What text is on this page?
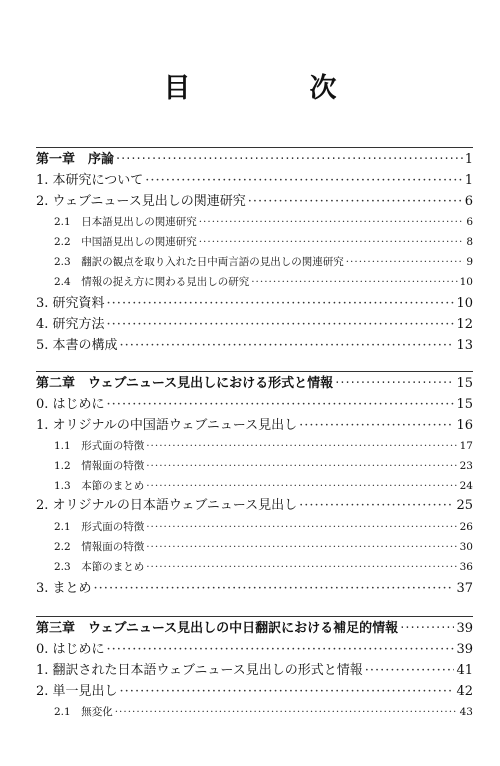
目　次
第一章　序論 ·····	1
1. 本研究について ·····	1
2. ウェブニュース見出しの関連研究 ·····	6
2.1　日本語見出しの関連研究 ·····	6
2.2　中国語見出しの関連研究 ·····	8
2.3　翻訳の観点を取り入れた日中両言語の見出しの関連研究 ·····	9
2.4　情報の捉え方に関わる見出しの研究 ·····	10
3. 研究資料 ·····	10
4. 研究方法 ·····	12
5. 本書の構成 ·····	13
第二章　ウェブニュース見出しにおける形式と情報 ·····	15
0. はじめに ·····	15
1. オリジナルの中国語ウェブニュース見出し ·····	16
1.1　形式面の特徴 ·····	17
1.2　情報面の特徴 ·····	23
1.3　本節のまとめ ·····	24
2. オリジナルの日本語ウェブニュース見出し ·····	25
2.1　形式面の特徴 ·····	26
2.2　情報面の特徴 ·····	30
2.3　本節のまとめ ·····	36
3. まとめ ·····	37
第三章　ウェブニュース見出しの中日翻訳における補足的情報 ·····	39
0. はじめに ·····	39
1. 翻訳された日本語ウェブニュース見出しの形式と情報 ·····	41
2. 単一見出し ·····	42
2.1　無変化 ·····	43
